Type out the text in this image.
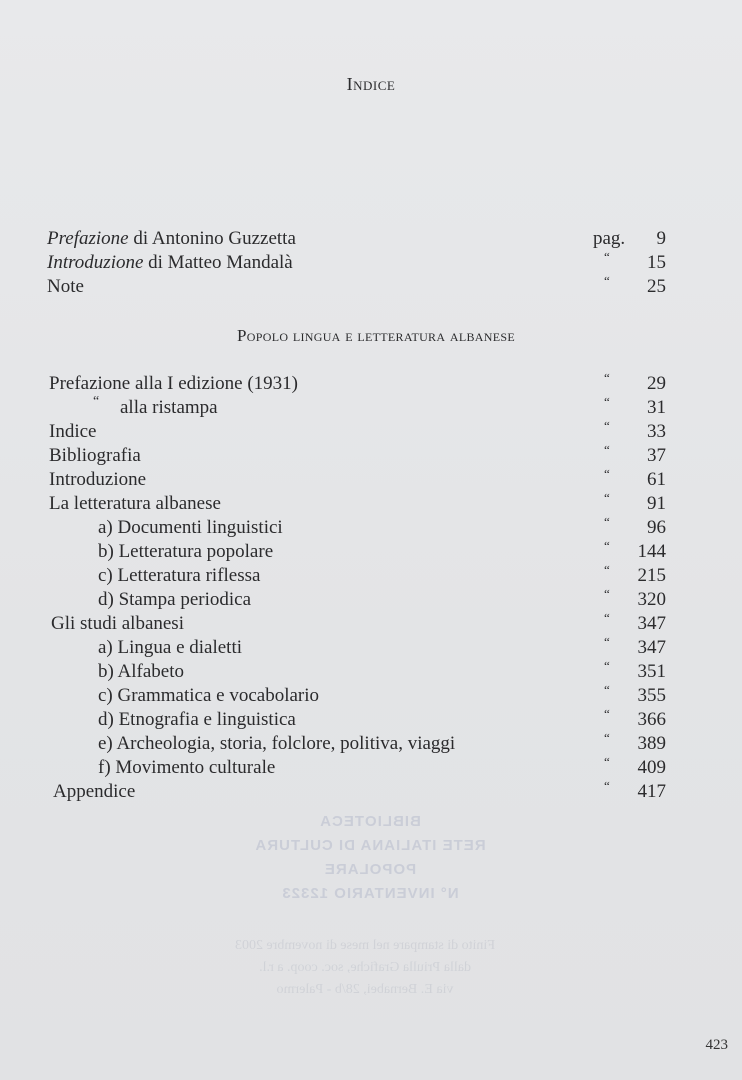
Indice
Prefazione di Antonino Guzzetta	pag. 9
Introduzione di Matteo Mandalà	“ 15
Note	“ 25
Popolo lingua e letteratura albanese
Prefazione alla I edizione (1931)	“ 29
“ alla ristampa	“ 31
Indice	“ 33
Bibliografia	“ 37
Introduzione	“ 61
La letteratura albanese	“ 91
a) Documenti linguistici	“ 96
b) Letteratura popolare	“ 144
c) Letteratura riflessa	“ 215
d) Stampa periodica	“ 320
Gli studi albanesi	“ 347
a) Lingua e dialetti	“ 347
b) Alfabeto	“ 351
c) Grammatica e vocabolario	“ 355
d) Etnografia e linguistica	“ 366
e) Archeologia, storia, folclore, politiva, viaggi	“ 389
f) Movimento culturale	“ 409
Appendice	“ 417
BIBLIOTECA
RETE ITALIANA DI CULTURA POPOLARE
N° INVENTARIO 12323
Finito di stampare nel mese di novembre 2003
dalla Priulla Grafiche, soc. coop. a r.l.
via E. Bernabei, 28/b - Palermo
423
